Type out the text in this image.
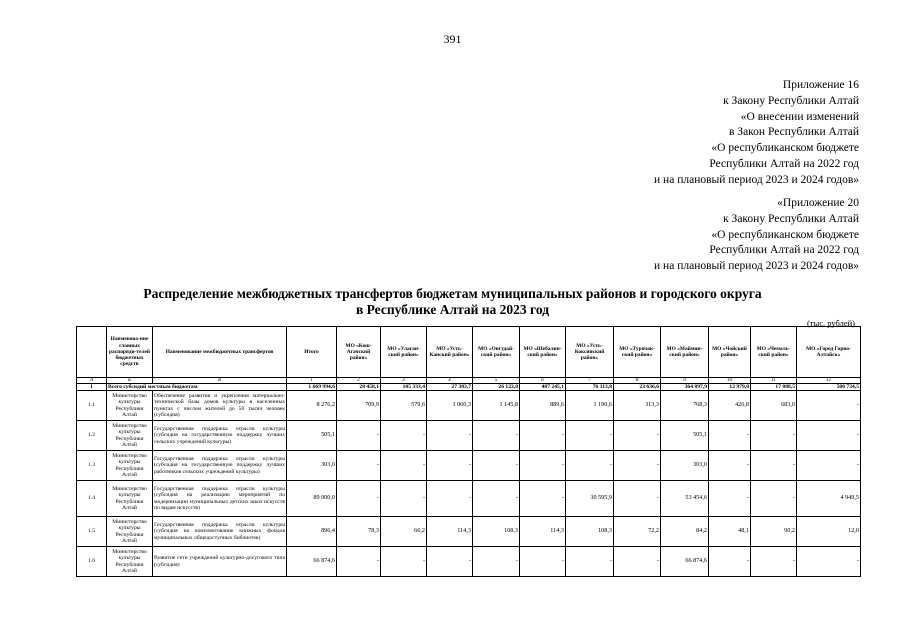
391
Приложение 16
к Закону Республики Алтай
«О внесении изменений
в Закон Республики Алтай
«О республиканском бюджете
Республики Алтай на 2022 год
и на плановый период 2023 и 2024 годов»
«Приложение 20
к Закону Республики Алтай
«О республиканском бюджете
Республики Алтай на 2022 год
и на плановый период 2023 и 2024 годов»
Распределение межбюджетных трансфертов бюджетам муниципальных районов и городского округа
в Республике Алтай на 2023 год
(тыс. рублей)
	Наименова-ние главных распоряди-телей бюджетных средств	Наименование межбюджетных трансфертов	Итого	МО «Кош-Агачский район»	МО «Улаган-ский район»	МО «Усть-Канский район»	МО «Онгудай-ский район»	МО «Шебалин-ский район»	МО «Усть-Коксинский район»	МО «Турочак-ский район»	МО «Маймин-ский район»	МО «Чойский район»	МО «Чемаль-ский район»	МО «Город Горно-Алтайск»
А	Б	В	1	2	3	4	5	6	7	8	9	10	11	12
1	Всего субсидий местным бюджетам		1 669 994,6	28 458,1	105 333,4	27 383,7	26 123,8	487 245,1	76 113,8	23 636,6	364 897,9	12 979,0	17 088,5	500 734,5
1.1	Министерство культуры Республики Алтай	Обеспечение развития и укрепления материально-технической базы домов культуры в населенных пунктах с числом жителей до 50 тысяч человек (субсидия)	8 276,2	709,9	579,6	1 060,3	1 145,8	889,6	1 190,6	313,3	768,3	426,8	683,0	-
1.2	Министерство культуры Республики Алтай	Государственная поддержка отрасли культуры (субсидия на государственную поддержку лучших сельских учреждений культуры)	505,1	-	-	-	-	-	-	-	505,1	-	-	-
1.3	Министерство культуры Республики Алтай	Государственная поддержка отрасли культуры (субсидия на государственную поддержку лучших работников сельских учреждений культуры)	303,0	-	-	-	-	-	-	-	303,0	-	-	-
1.4	Министерство культуры Республики Алтай	Государственная поддержка отрасли культуры (субсидия на реализацию мероприятий по модернизации муниципальных детских школ искусств по видам искусств)	89 000,0	-	-	-	-	-	30 595,9	-	53 454,6	-	-	4 949,5
1.5	Министерство культуры Республики Алтай	Государственная поддержка отрасли культуры (субсидия на комплектование книжных фондов муниципальных общедоступных библиотек)	896,4	78,3	66,2	114,3	108,3	114,3	108,3	72,2	84,2	48,1	90,2	12,0
1.6	Министерство культуры Республики Алтай	Развитие сети учреждений культурно-досугового типа (субсидия)	66 874,6	-	-	-	-	-	-	-	66 874,6	-	-	-
